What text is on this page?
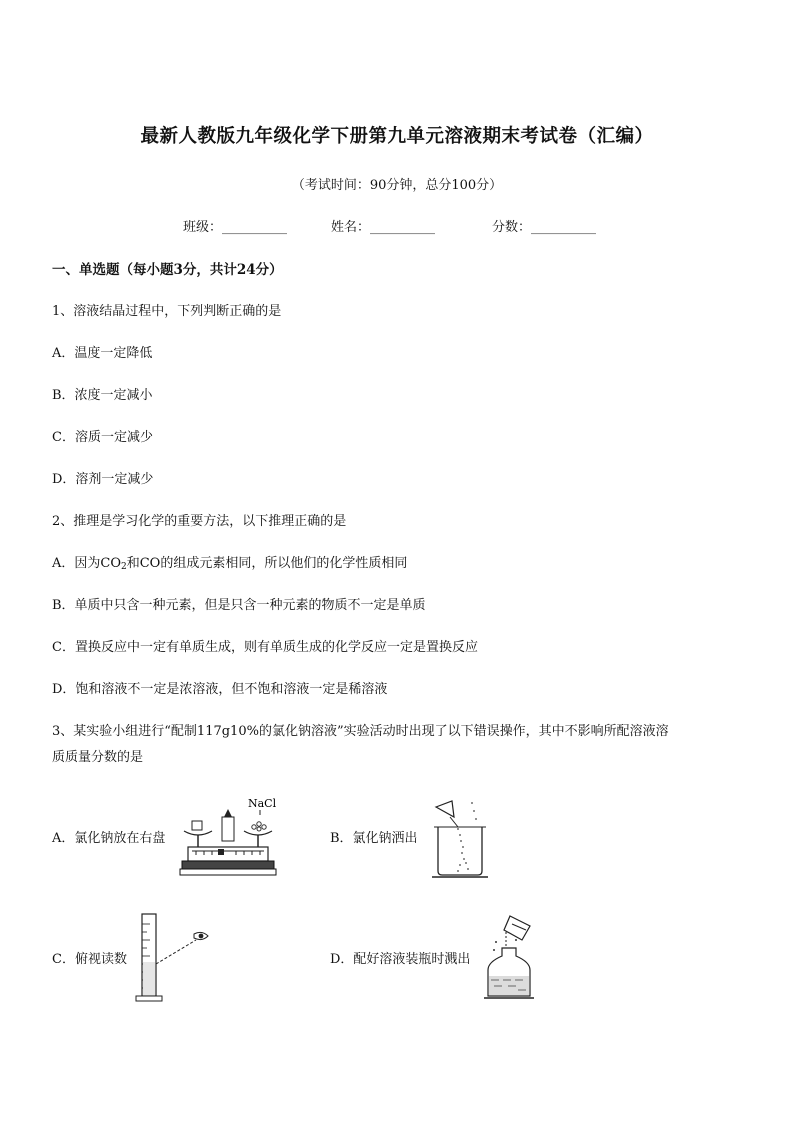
最新人教版九年级化学下册第九单元溶液期末考试卷（汇编）
（考试时间：90分钟，总分100分）
班级：__________	姓名：__________	分数：__________
一、单选题（每小题3分，共计24分）
1、溶液结晶过程中，下列判断正确的是
A．温度一定降低
B．浓度一定减小
C．溶质一定减少
D．溶剂一定减少
2、推理是学习化学的重要方法，以下推理正确的是
A．因为$CO_2$和CO的组成元素相同，所以他们的化学性质相同
B．单质中只含一种元素，但是只含一种元素的物质不一定是单质
C．置换反应中一定有单质生成，则有单质生成的化学反应一定是置换反应
D．饱和溶液不一定是浓溶液，但不饱和溶液一定是稀溶液
3、某实验小组进行“配制117g10%的氯化钠溶液”实验活动时出现了以下错误操作，其中不影响所配溶液溶
质质量分数的是
A．氯化钠放在右盘	B．氯化钠洒出
C．俯视读数	D．配好溶液装瓶时溅出
NaCl
